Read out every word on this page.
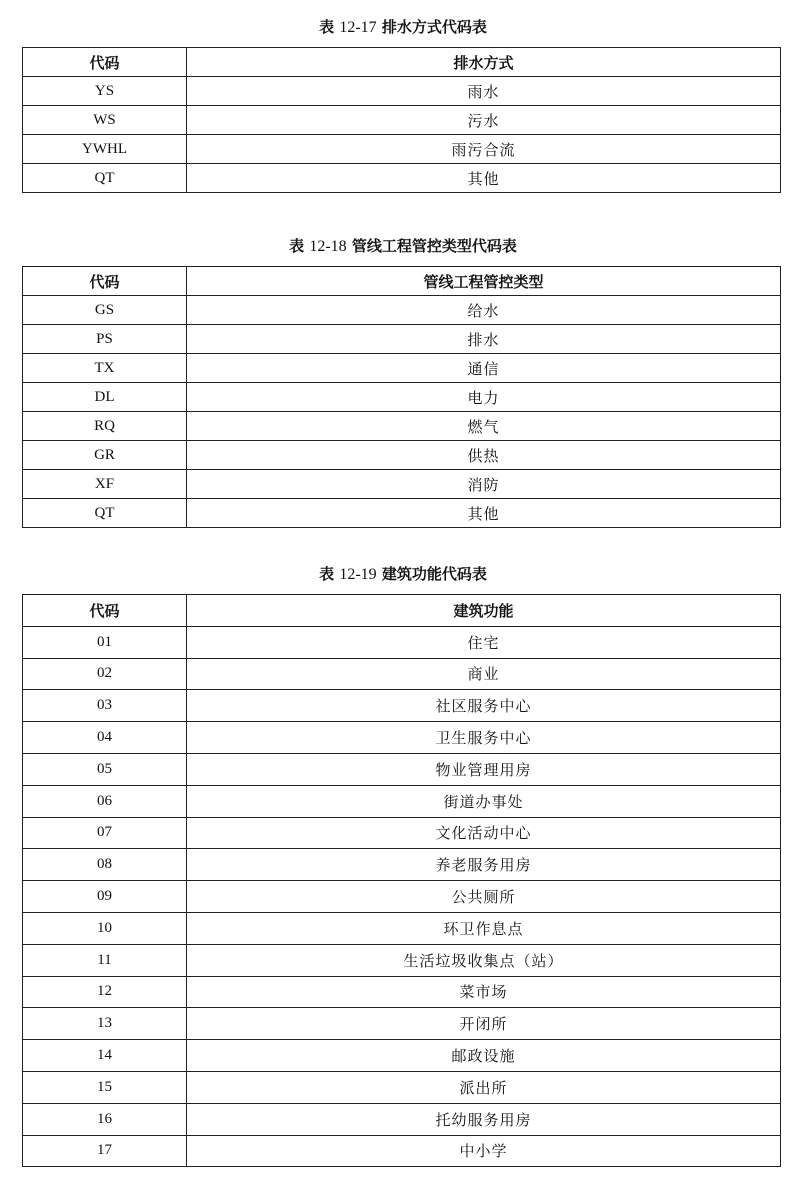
表 12-17 排水方式代码表
代码	排水方式
YS	雨水
WS	污水
YWHL	雨污合流
QT	其他
表 12-18 管线工程管控类型代码表
代码	管线工程管控类型
GS	给水
PS	排水
TX	通信
DL	电力
RQ	燃气
GR	供热
XF	消防
QT	其他
表 12-19 建筑功能代码表
代码	建筑功能
01	住宅
02	商业
03	社区服务中心
04	卫生服务中心
05	物业管理用房
06	街道办事处
07	文化活动中心
08	养老服务用房
09	公共厕所
10	环卫作息点
11	生活垃圾收集点（站）
12	菜市场
13	开闭所
14	邮政设施
15	派出所
16	托幼服务用房
17	中小学
